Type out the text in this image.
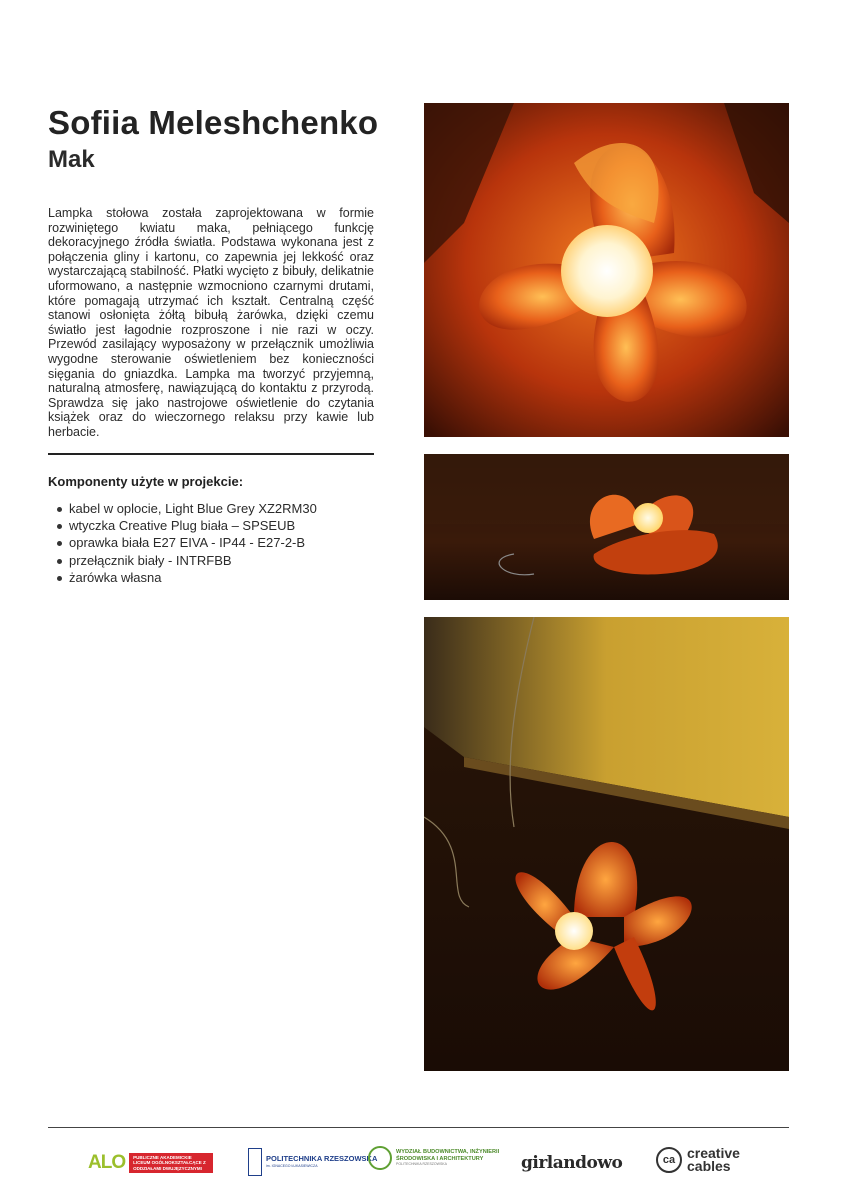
Sofiia Meleshchenko
Mak

Lampka stołowa została zaprojektowana w formie rozwiniętego kwiatu maka, pełniącego funkcję dekoracyjnego źródła światła. Podstawa wykonana jest z połączenia gliny i kartonu, co zapewnia jej lekkość oraz wystarczającą stabilność. Płatki wycięto z bibuły, delikatnie uformowano, a następnie wzmocniono czarnymi drutami, które pomagają utrzymać ich kształt. Centralną część stanowi osłonięta żółtą bibułą żarówka, dzięki czemu światło jest łagodnie rozproszone i nie razi w oczy. Przewód zasilający wyposażony w przełącznik umożliwia wygodne sterowanie oświetleniem bez konieczności sięgania do gniazdka. Lampka ma tworzyć przyjemną, naturalną atmosferę, nawiązującą do kontaktu z przyrodą. Sprawdza się jako nastrojowe oświetlenie do czytania książek oraz do wieczornego relaksu przy kawie lub herbacie.

Komponenty użyte w projekcie:

kabel w oplocie, Light Blue Grey XZ2RM30
wtyczka Creative Plug biała – SPSEUB
oprawka biała E27 EIVA - IP44 - E27-2-B
przełącznik biały - INTRFBB
żarówka własna
ALO	PUBLICZNE AKADEMICKIE LICEUM OGÓLNOKSZTAŁCĄCE Z ODDZIAŁAMI DWUJĘZYCZNYMI
POLITECHNIKA RZESZOWSKA
im. IGNACEGO ŁUKASIEWICZA
WYDZIAŁ BUDOWNICTWA, INŻYNIERII ŚRODOWISKA I ARCHITEKTURY
POLITECHNIKA RZESZOWSKA	girlandowo	ca creative cables
